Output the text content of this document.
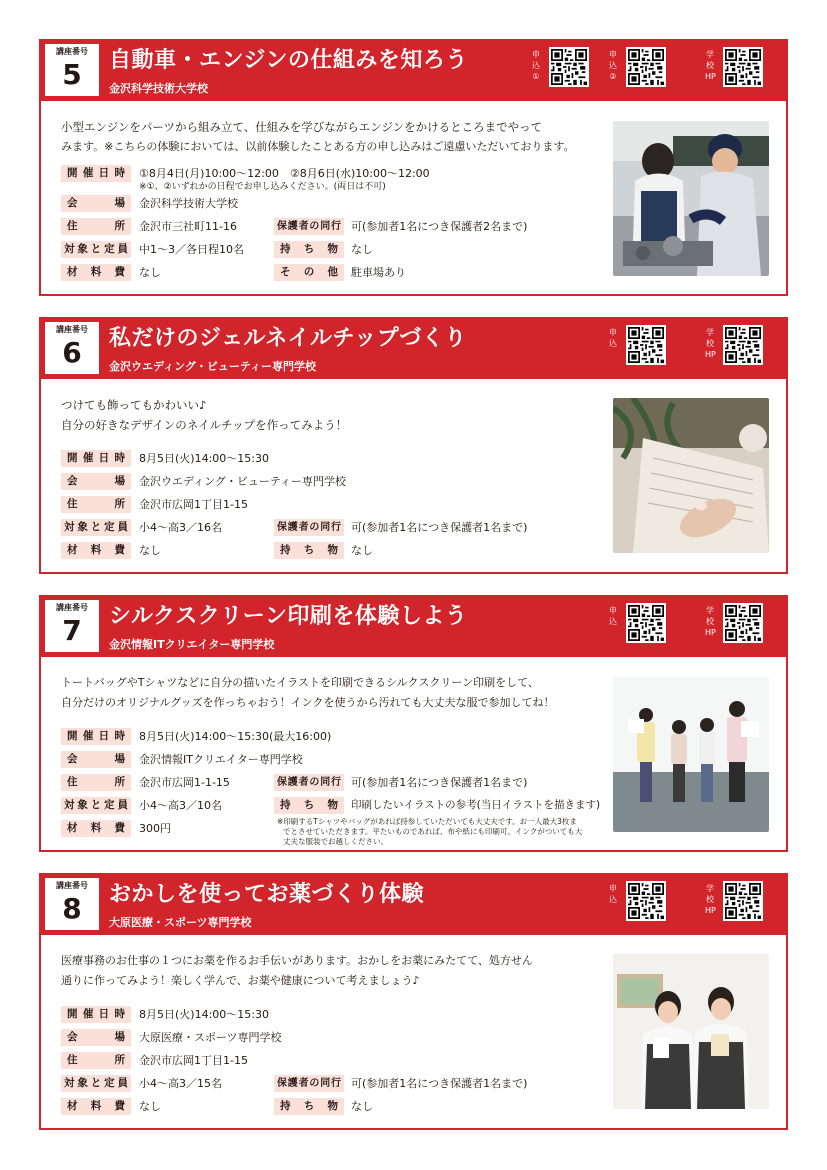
講座番号
5	自動車・エンジンの仕組みを知ろう
金沢科学技術大学校
申込①
申込②
学校HP
小型エンジンをパーツから組み立て、仕組みを学びながらエンジンをかけるところまでやって
みます。※こちらの体験においては、以前体験したことある方の申し込みはご遠慮いただいております。
開催日時	①8月4日(月)10:00～12:00　②8月6日(水)10:00～12:00
※①、②いずれかの日程でお申し込みください。(両日は不可)
会　場	金沢科学技術大学校
住　所	金沢市三社町11-16	保護者の同行 可(参加者1名につき保護者2名まで)
対象と定員 中1～3／各日程10名	持ち物	なし
材料費	なし	その他	駐車場あり
講座番号
6	私だけのジェルネイルチップづくり
金沢ウエディング・ビューティー専門学校
申込
学校HP
つけても飾ってもかわいい♪
自分の好きなデザインのネイルチップを作ってみよう！
開催日時	8月5日(火)14:00～15:30
会　場	金沢ウエディング・ビューティー専門学校
住　所	金沢市広岡1丁目1-15
対象と定員 小4～高3／16名	保護者の同行 可(参加者1名につき保護者1名まで)
材料費	なし	持ち物	なし
講座番号
7	シルクスクリーン印刷を体験しよう
金沢情報ITクリエイター専門学校
申込
学校HP
トートバッグやTシャツなどに自分の描いたイラストを印刷できるシルクスクリーン印刷をして、
自分だけのオリジナルグッズを作っちゃおう！インクを使うから汚れても大丈夫な服で参加してね！
開催日時	8月5日(火)14:00～15:30(最大16:00)
会　場	金沢情報ITクリエイター専門学校
住　所	金沢市広岡1-1-15	保護者の同行 可(参加者1名につき保護者1名まで)
対象と定員 小4～高3／10名	持ち物	印刷したいイラストの参考(当日イラストを描きます)
材料費	300円
※印刷するTシャツやバッグがあれば持参していただいても大丈夫です。お一人最大3枚ま
でとさせていただきます。平たいものであれば、布や紙にも印刷可。インクがついても大
丈夫な服装でお越しください。
講座番号
8	おかしを使ってお薬づくり体験
大原医療・スポーツ専門学校
申込
学校HP
医療事務のお仕事の１つにお薬を作るお手伝いがあります。おかしをお薬にみたてて、処方せん
通りに作ってみよう！楽しく学んで、お薬や健康について考えましょう♪
開催日時	8月5日(火)14:00～15:30
会　場	大原医療・スポーツ専門学校
住　所	金沢市広岡1丁目1-15
対象と定員 小4～高3／15名	保護者の同行 可(参加者1名につき保護者1名まで)
材料費	なし	持ち物	なし
